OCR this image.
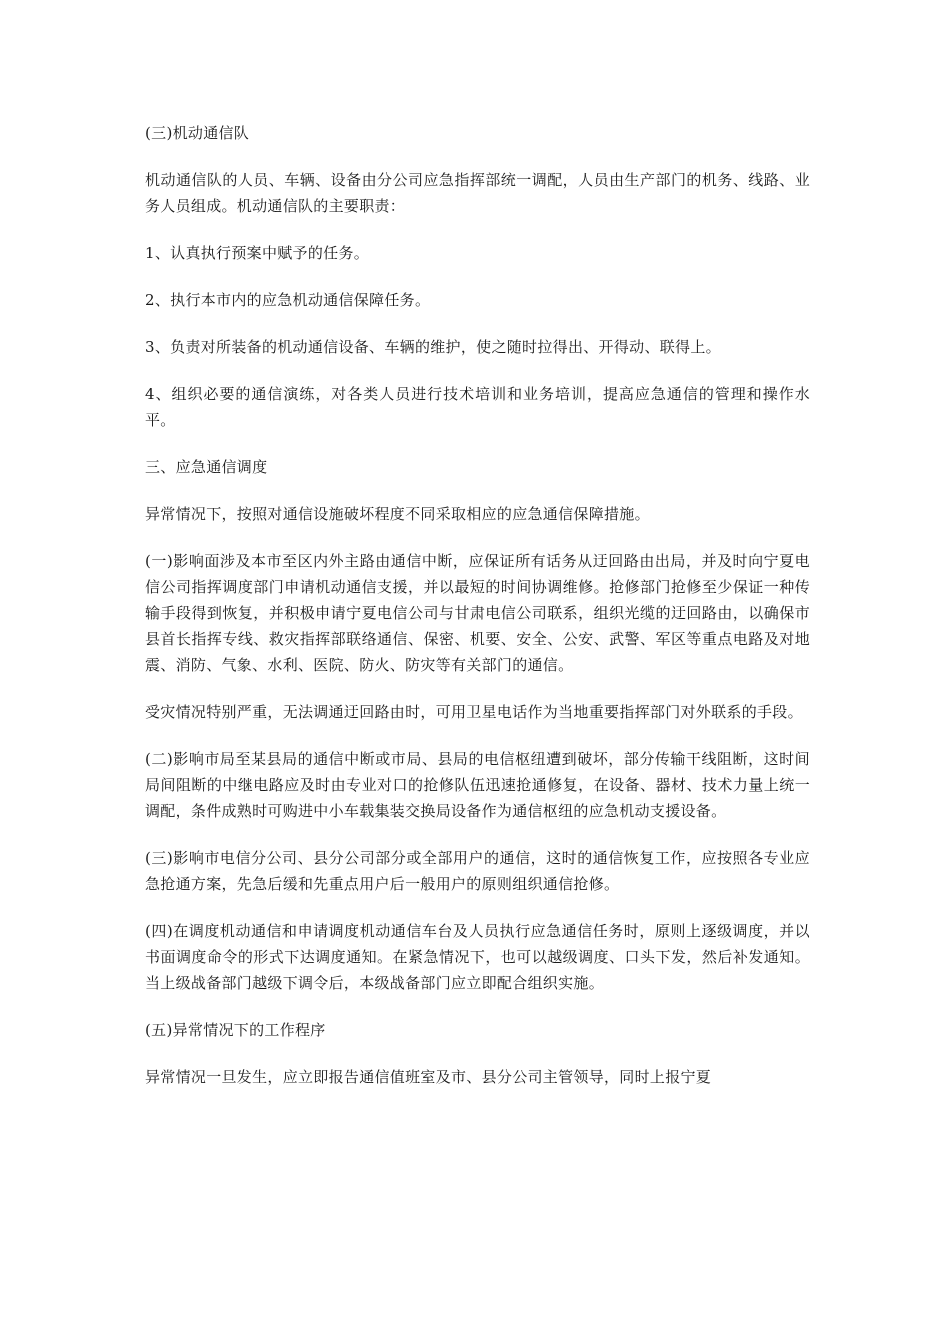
(三)机动通信队

机动通信队的人员、车辆、设备由分公司应急指挥部统一调配，人员由生产部门的机务、线路、业务人员组成。机动通信队的主要职责：

1、认真执行预案中赋予的任务。

2、执行本市内的应急机动通信保障任务。

3、负责对所装备的机动通信设备、车辆的维护，使之随时拉得出、开得动、联得上。

4、组织必要的通信演练，对各类人员进行技术培训和业务培训，提高应急通信的管理和操作水平。

三、应急通信调度

异常情况下，按照对通信设施破坏程度不同采取相应的应急通信保障措施。

(一)影响面涉及本市至区内外主路由通信中断，应保证所有话务从迂回路由出局，并及时向宁夏电信公司指挥调度部门申请机动通信支援，并以最短的时间协调维修。抢修部门抢修至少保证一种传输手段得到恢复，并积极申请宁夏电信公司与甘肃电信公司联系，组织光缆的迂回路由，以确保市县首长指挥专线、救灾指挥部联络通信、保密、机要、安全、公安、武警、军区等重点电路及对地震、消防、气象、水利、医院、防火、防灾等有关部门的通信。

受灾情况特别严重，无法调通迂回路由时，可用卫星电话作为当地重要指挥部门对外联系的手段。

(二)影响市局至某县局的通信中断或市局、县局的电信枢纽遭到破坏，部分传输干线阻断，这时间局间阻断的中继电路应及时由专业对口的抢修队伍迅速抢通修复，在设备、器材、技术力量上统一调配，条件成熟时可购进中小车载集装交换局设备作为通信枢纽的应急机动支援设备。

(三)影响市电信分公司、县分公司部分或全部用户的通信，这时的通信恢复工作，应按照各专业应急抢通方案，先急后缓和先重点用户后一般用户的原则组织通信抢修。

(四)在调度机动通信和申请调度机动通信车台及人员执行应急通信任务时，原则上逐级调度，并以书面调度命令的形式下达调度通知。在紧急情况下，也可以越级调度、口头下发，然后补发通知。当上级战备部门越级下调令后，本级战备部门应立即配合组织实施。

(五)异常情况下的工作程序

异常情况一旦发生，应立即报告通信值班室及市、县分公司主管领导，同时上报宁夏
